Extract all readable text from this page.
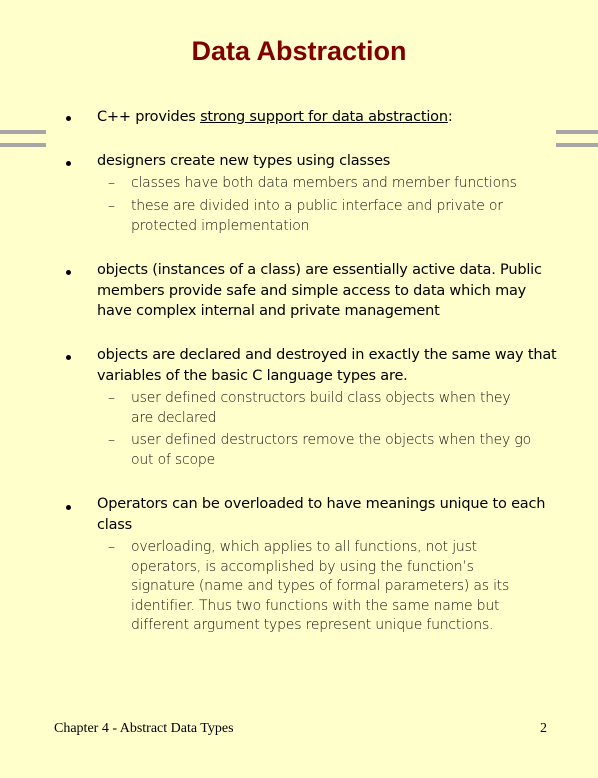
Data Abstraction
C++ provides strong support for data abstraction:
designers create new types using classes
– classes have both data members and member functions
– these are divided into a public interface and private or protected implementation
objects (instances of a class) are essentially active data. Public members provide safe and simple access to data which may have complex internal and private management
objects are declared and destroyed in exactly the same way that variables of the basic C language types are.
– user defined constructors build class objects when they are declared
– user defined destructors remove the objects when they go out of scope
Operators can be overloaded to have meanings unique to each class
– overloading, which applies to all functions, not just operators, is accomplished by using the function’s signature (name and types of formal parameters) as its identifier. Thus two functions with the same name but different argument types represent unique functions.
Chapter 4 - Abstract Data Types	2
